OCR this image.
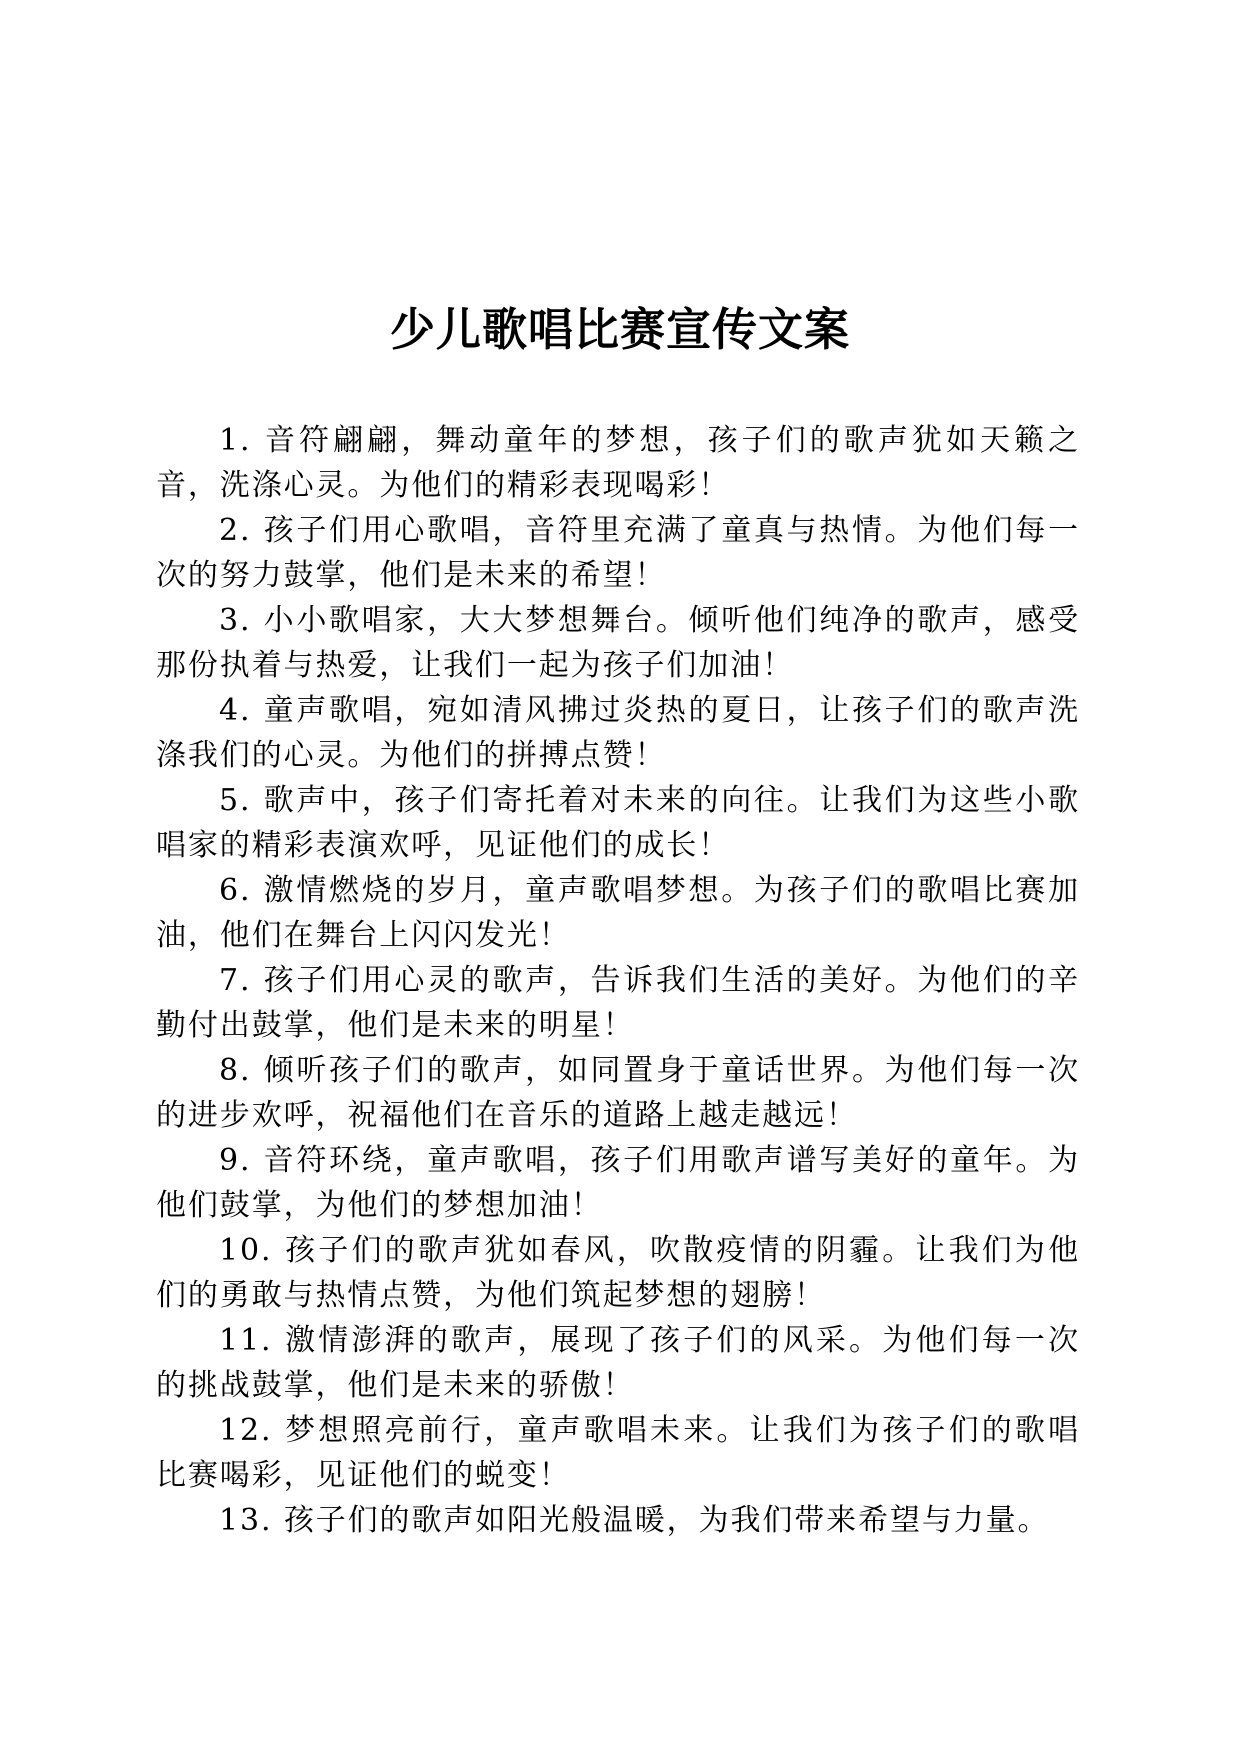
少儿歌唱比赛宣传文案

1. 音符翩翩，舞动童年的梦想，孩子们的歌声犹如天籁之音，洗涤心灵。为他们的精彩表现喝彩！

2. 孩子们用心歌唱，音符里充满了童真与热情。为他们每一次的努力鼓掌，他们是未来的希望！

3. 小小歌唱家，大大梦想舞台。倾听他们纯净的歌声，感受那份执着与热爱，让我们一起为孩子们加油！

4. 童声歌唱，宛如清风拂过炎热的夏日，让孩子们的歌声洗涤我们的心灵。为他们的拼搏点赞！

5. 歌声中，孩子们寄托着对未来的向往。让我们为这些小歌唱家的精彩表演欢呼，见证他们的成长！

6. 激情燃烧的岁月，童声歌唱梦想。为孩子们的歌唱比赛加油，他们在舞台上闪闪发光！

7. 孩子们用心灵的歌声，告诉我们生活的美好。为他们的辛勤付出鼓掌，他们是未来的明星！

8. 倾听孩子们的歌声，如同置身于童话世界。为他们每一次的进步欢呼，祝福他们在音乐的道路上越走越远！

9. 音符环绕，童声歌唱，孩子们用歌声谱写美好的童年。为他们鼓掌，为他们的梦想加油！

10. 孩子们的歌声犹如春风，吹散疫情的阴霾。让我们为他们的勇敢与热情点赞，为他们筑起梦想的翅膀！

11. 激情澎湃的歌声，展现了孩子们的风采。为他们每一次的挑战鼓掌，他们是未来的骄傲！

12. 梦想照亮前行，童声歌唱未来。让我们为孩子们的歌唱比赛喝彩，见证他们的蜕变！

13. 孩子们的歌声如阳光般温暖，为我们带来希望与力量。
